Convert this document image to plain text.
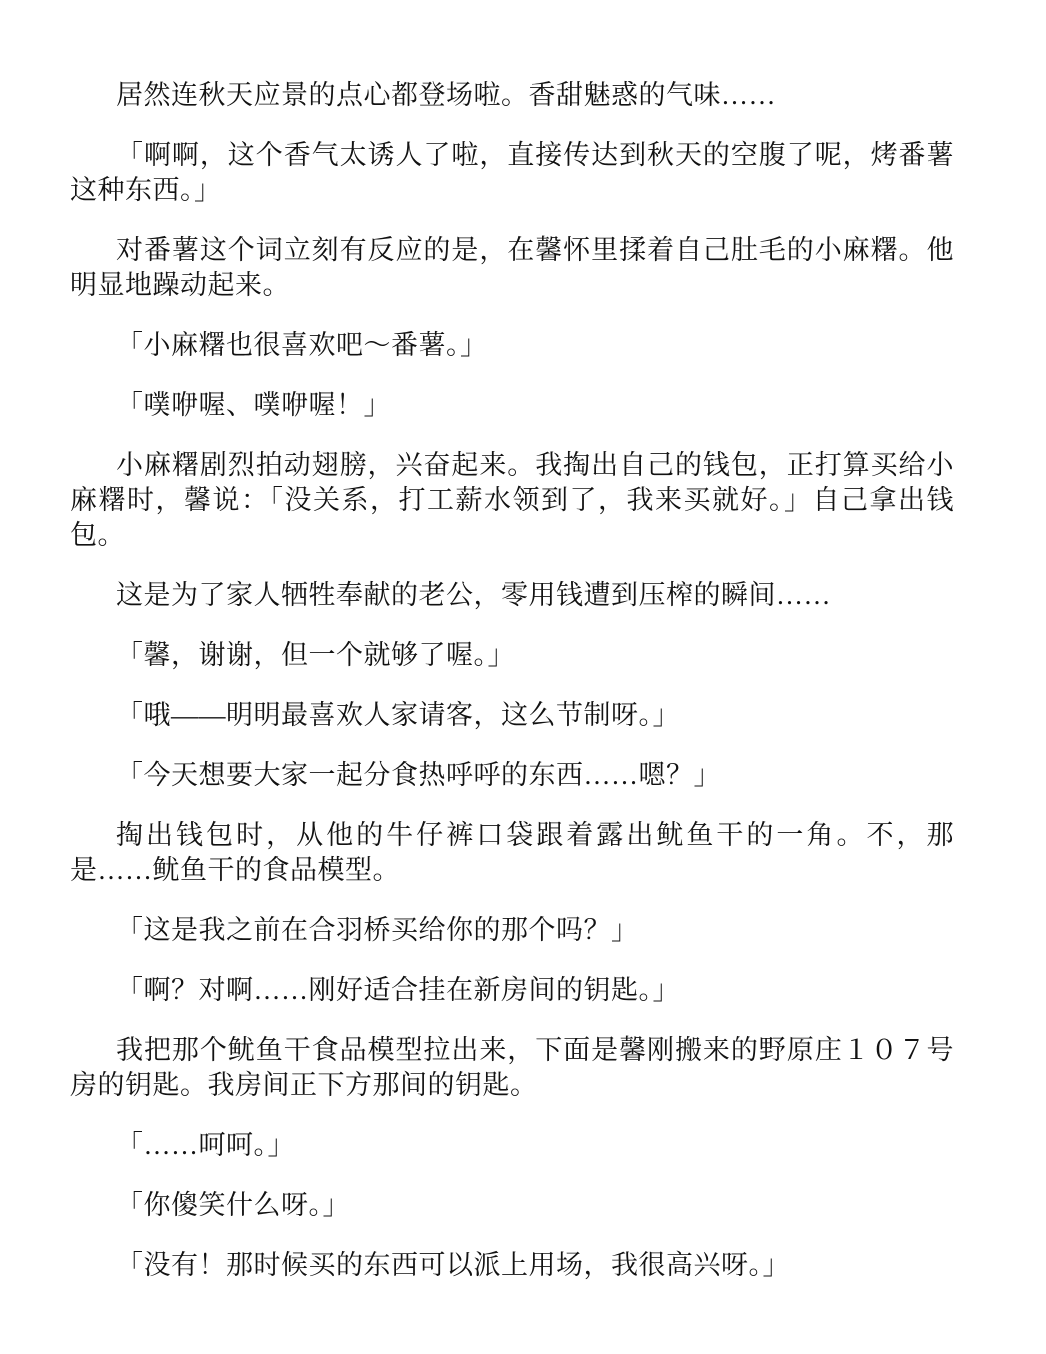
居然连秋天应景的点心都登场啦。香甜魅惑的气味……

「啊啊，这个香气太诱人了啦，直接传达到秋天的空腹了呢，烤番薯这种东西。」

对番薯这个词立刻有反应的是，在馨怀里揉着自己肚毛的小麻糬。他明显地躁动起来。

「小麻糬也很喜欢吧～番薯。」

「噗咿喔、噗咿喔！」

小麻糬剧烈拍动翅膀，兴奋起来。我掏出自己的钱包，正打算买给小麻糬时，馨说：「没关系，打工薪水领到了，我来买就好。」自己拿出钱包。

这是为了家人牺牲奉献的老公，零用钱遭到压榨的瞬间……

「馨，谢谢，但一个就够了喔。」

「哦——明明最喜欢人家请客，这么节制呀。」

「今天想要大家一起分食热呼呼的东西……嗯？」

掏出钱包时，从他的牛仔裤口袋跟着露出鱿鱼干的一角。不，那是……鱿鱼干的食品模型。

「这是我之前在合羽桥买给你的那个吗？」

「啊？对啊……刚好适合挂在新房间的钥匙。」

我把那个鱿鱼干食品模型拉出来，下面是馨刚搬来的野原庄１０７号房的钥匙。我房间正下方那间的钥匙。

「……呵呵。」

「你傻笑什么呀。」

「没有！那时候买的东西可以派上用场，我很高兴呀。」
